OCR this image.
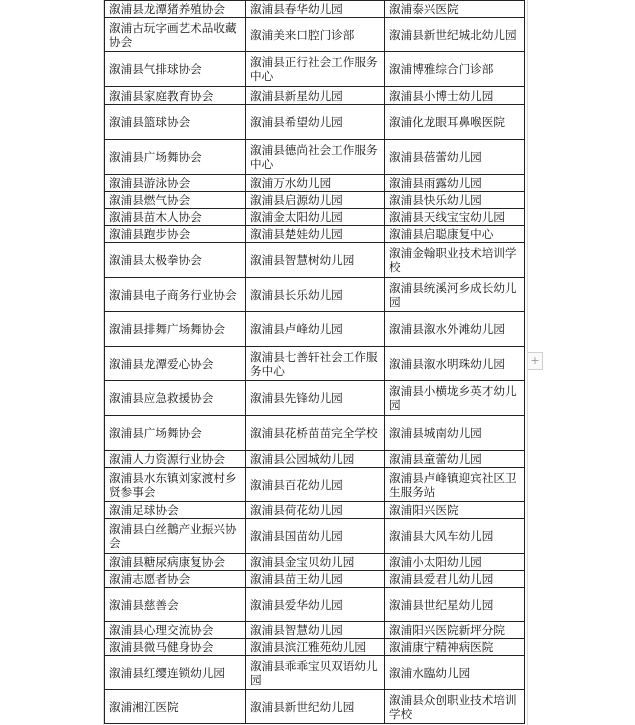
溆浦县龙潭猪养殖协会	溆浦县春华幼儿园	溆浦泰兴医院
溆浦古玩字画艺术品收藏协会	溆浦美来口腔门诊部	溆浦县新世纪城北幼儿园
溆浦县气排球协会	溆浦县正行社会工作服务中心	溆浦博雅综合门诊部
溆浦县家庭教育协会	溆浦县新星幼儿园	溆浦县小博士幼儿园
溆浦县篮球协会	溆浦县希望幼儿园	溆浦化龙眼耳鼻喉医院
溆浦县广场舞协会	溆浦县德尚社会工作服务中心	溆浦县蓓蕾幼儿园
溆浦县游泳协会	溆浦万水幼儿园	溆浦县雨露幼儿园
溆浦县燃气协会	溆浦县启源幼儿园	溆浦县快乐幼儿园
溆浦县苗木人协会	溆浦金太阳幼儿园	溆浦县天线宝宝幼儿园
溆浦县跑步协会	溆浦县楚娃幼儿园	溆浦县启聪康复中心
溆浦县太极拳协会	溆浦县智慧树幼儿园	溆浦金翰职业技术培训学校
溆浦县电子商务行业协会	溆浦县长乐幼儿园	溆浦县统溪河乡成长幼儿园
溆浦县排舞广场舞协会	溆浦县卢峰幼儿园	溆浦县溆水外滩幼儿园
溆浦县龙潭爱心协会	溆浦县七善轩社会工作服务中心	溆浦县溆水明珠幼儿园
溆浦县应急救援协会	溆浦县先锋幼儿园	溆浦县小横垅乡英才幼儿园
溆浦县广场舞协会	溆浦县花桥苗苗完全学校	溆浦县城南幼儿园
溆浦人力资源行业协会	溆浦县公园城幼儿园	溆浦县童蕾幼儿园
溆浦县水东镇刘家渡村乡贤参事会	溆浦县百花幼儿园	溆浦县卢峰镇迎宾社区卫生服务站
溆浦足球协会	溆浦县荷花幼儿园	溆浦阳兴医院
溆浦县白丝鵝产业振兴协会	溆浦县国苗幼儿园	溆浦县大风车幼儿园
溆浦县糖尿病康复协会	溆浦县金宝贝幼儿园	溆浦小太阳幼儿园
溆浦志愿者协会	溆浦县苗王幼儿园	溆浦县爱君儿幼儿园
溆浦县慈善会	溆浦县爱华幼儿园	溆浦县世纪星幼儿园
溆浦县心理交流协会	溆浦县智慧幼儿园	溆浦阳兴医院新坪分院
溆浦县微马健身协会	溆浦县滨江雅苑幼儿园	溆浦康宁精神病医院
溆浦县红缨连锁幼儿园	溆浦县乖乖宝贝双语幼儿园	溆浦水臨幼儿园
溆浦湘江医院	溆浦县新世纪幼儿园	溆浦县众创职业技术培训学校
+
